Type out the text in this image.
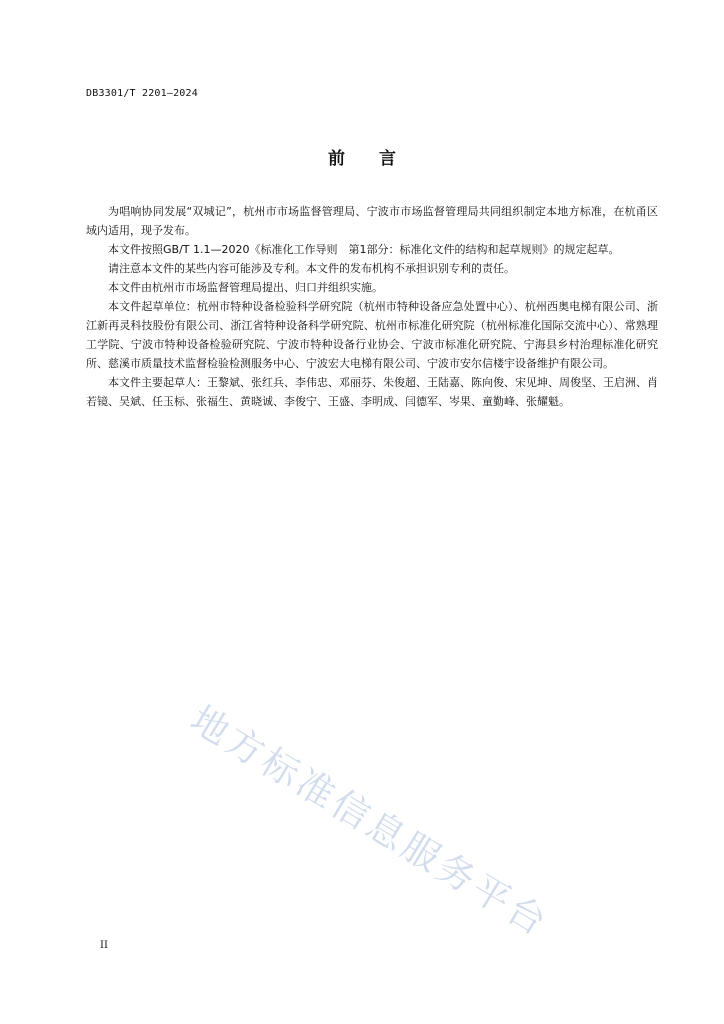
DB3301/T 2201—2024
前 言

为唱响协同发展“双城记”，杭州市市场监督管理局、宁波市市场监督管理局共同组织制定本地方标准，在杭甬区域内适用，现予发布。

本文件按照GB/T 1.1—2020《标准化工作导则　第1部分：标准化文件的结构和起草规则》的规定起草。

请注意本文件的某些内容可能涉及专利。本文件的发布机构不承担识别专利的责任。

本文件由杭州市市场监督管理局提出、归口并组织实施。

本文件起草单位：杭州市特种设备检验科学研究院（杭州市特种设备应急处置中心）、杭州西奥电梯有限公司、浙江新再灵科技股份有限公司、浙江省特种设备科学研究院、杭州市标准化研究院（杭州标准化国际交流中心）、常熟理工学院、宁波市特种设备检验研究院、宁波市特种设备行业协会、宁波市标准化研究院、宁海县乡村治理标准化研究所、慈溪市质量技术监督检验检测服务中心、宁波宏大电梯有限公司、宁波市安尔信楼宇设备维护有限公司。

本文件主要起草人：王黎斌、张红兵、李伟忠、邓丽芬、朱俊超、王陆嘉、陈向俊、宋见坤、周俊坚、王启洲、肖若镜、吴斌、任玉标、张福生、黄晓诚、李俊宁、王盛、李明成、闫德军、岑果、童勤峰、张耀魁。

地方标准信息服务平台
II
